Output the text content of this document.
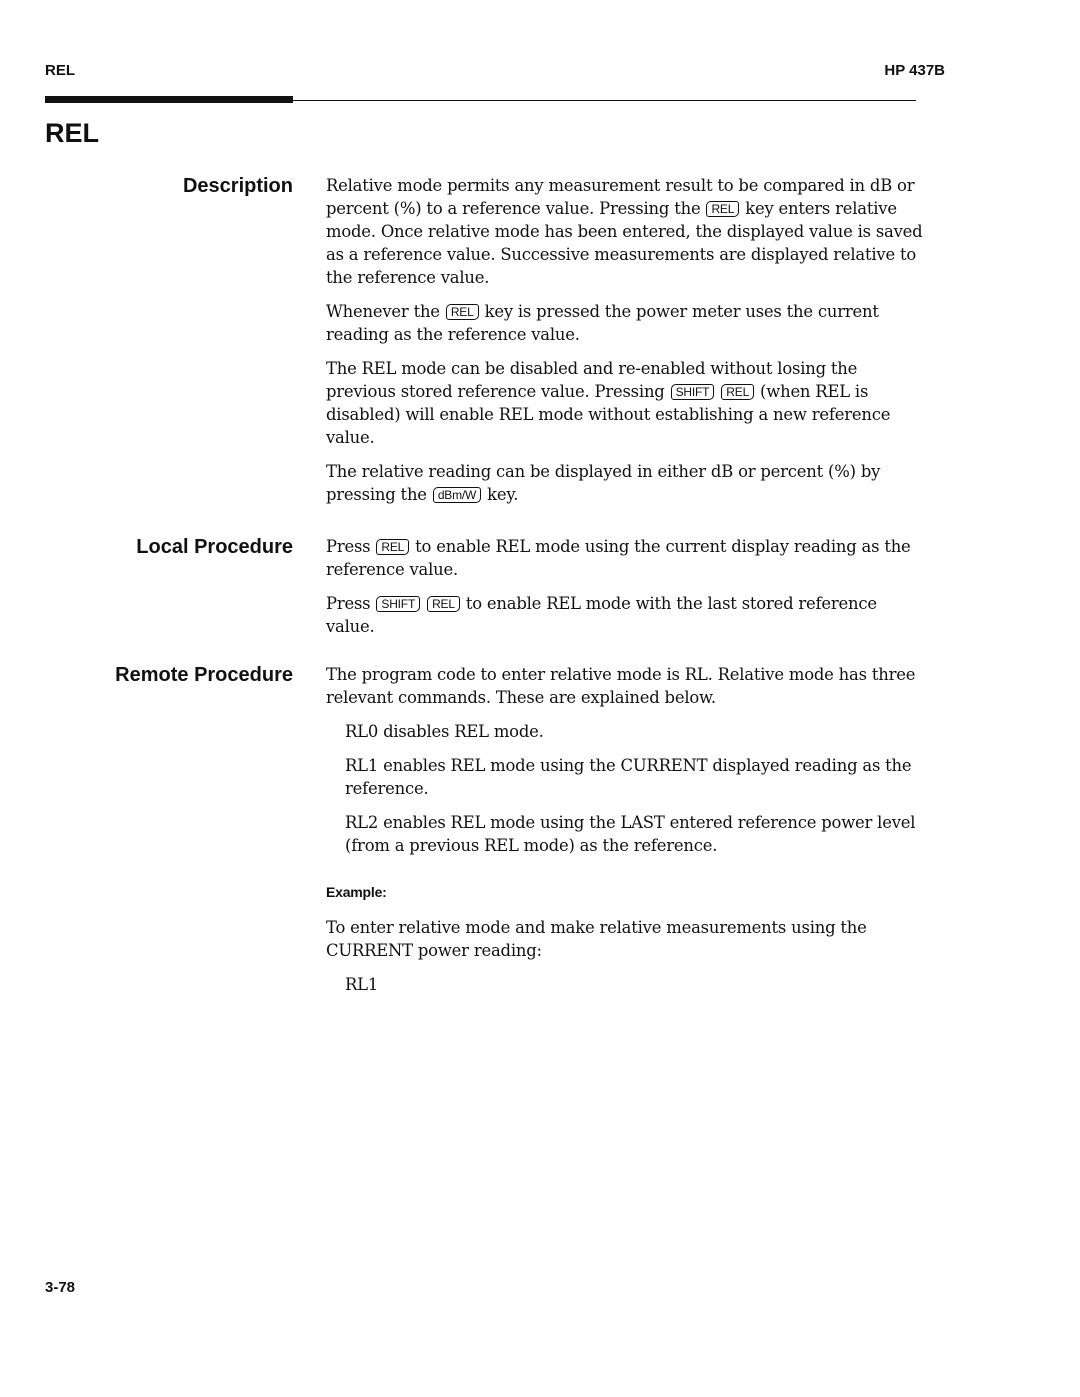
REL	HP 437B
REL
Description Relative mode permits any measurement result to be compared in dB or percent (%) to a reference value. Pressing the REL key enters relative mode. Once relative mode has been entered, the displayed value is saved as a reference value. Successive measurements are displayed relative to the reference value.

Whenever the REL key is pressed the power meter uses the current reading as the reference value.

The REL mode can be disabled and re-enabled without losing the previous stored reference value. Pressing SHIFT REL (when REL is disabled) will enable REL mode without establishing a new reference value.

The relative reading can be displayed in either dB or percent (%) by pressing the dBm/W key.

Local Procedure Press REL to enable REL mode using the current display reading as the reference value.

Press SHIFT REL to enable REL mode with the last stored reference value.

Remote Procedure The program code to enter relative mode is RL. Relative mode has three relevant commands. These are explained below.

RL0 disables REL mode.

RL1 enables REL mode using the CURRENT displayed reading as the reference.

RL2 enables REL mode using the LAST entered reference power level (from a previous REL mode) as the reference.

Example:

To enter relative mode and make relative measurements using the CURRENT power reading:

RL1

3-78
